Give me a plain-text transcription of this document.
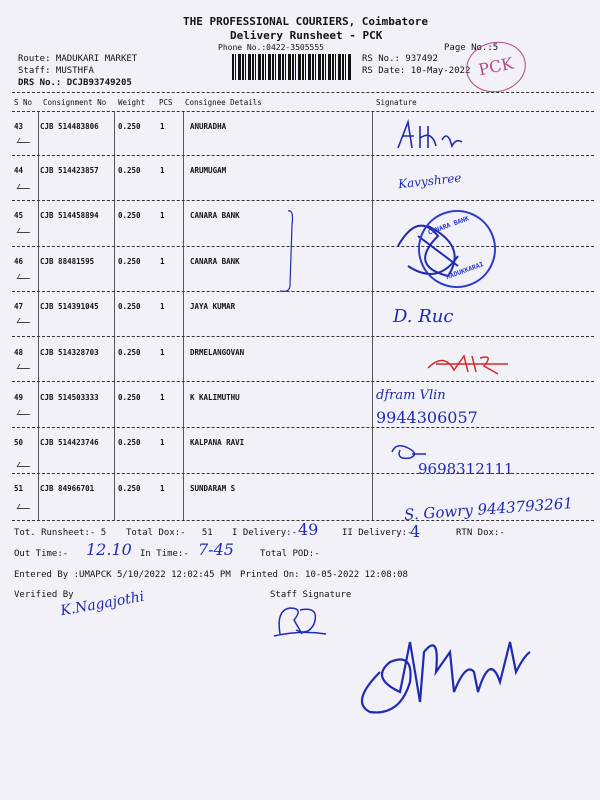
THE PROFESSIONAL COURIERS, Coimbatore
Delivery Runsheet - PCK
Phone No.:0422-3505555	Page No.:5
Route: MADUKARI MARKET
Staff: MUSTHFA
DRS No.: DCJB93749205
RS No.: 937492
RS Date: 10-May-2022 PCK
S No Consignment No Weight PCS Consignee Details	Signature
43 CJB 514483806	0.250	1	ANURADHA
44 CJB 514423857	0.250	1	ARUMUGAM
45 CJB 514458894	0.250	1	CANARA BANK
46 CJB 88481595	0.250	1	CANARA BANK
47 CJB 514391045	0.250	1	JAYA KUMAR
48 CJB 514328703	0.250	1	DRMELANGOVAN
49 CJB 514503333	0.250	1	K KALIMUTHU
50 CJB 514423746	0.250	1	KALPANA RAVI
51 CJB 84966701	0.250	1	SUNDARAM S
Kavyshree
CANARA BANK
MADUKKARAI
D. Ruc
dfram Vlin
9944306057
9698312111
S. Gowry 9443793261
Tot. Runsheet:- 5 Total Dox:- 51 I Delivery:- 49	II Delivery:-
4	RTN Dox:-
Out Time:- 12.10 In Time:- 7-45	Total POD:-
Entered By :UMAPCK 5/10/2022 12:02:45 PM Printed On: 10-05-2022 12:08:08
Verified By
K.Nagajothi	Staff Signature
